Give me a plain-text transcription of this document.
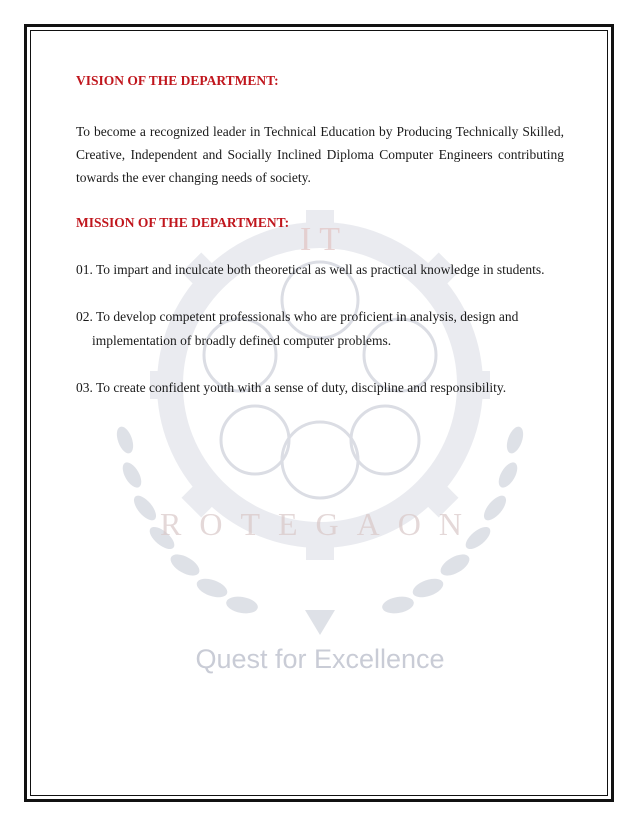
I T
ROTEGAON
Quest for Excellence
VISION OF THE DEPARTMENT:
To become a recognized leader in Technical Education by Producing Technically Skilled, Creative, Independent and Socially Inclined Diploma Computer Engineers contributing towards the ever changing needs of society.
MISSION OF THE DEPARTMENT:
01. To impart and inculcate both theoretical as well as practical knowledge in students.
02. To develop competent professionals who are proficient in analysis, design and
implementation of broadly defined computer problems.
03. To create confident youth with a sense of duty, discipline and responsibility.
